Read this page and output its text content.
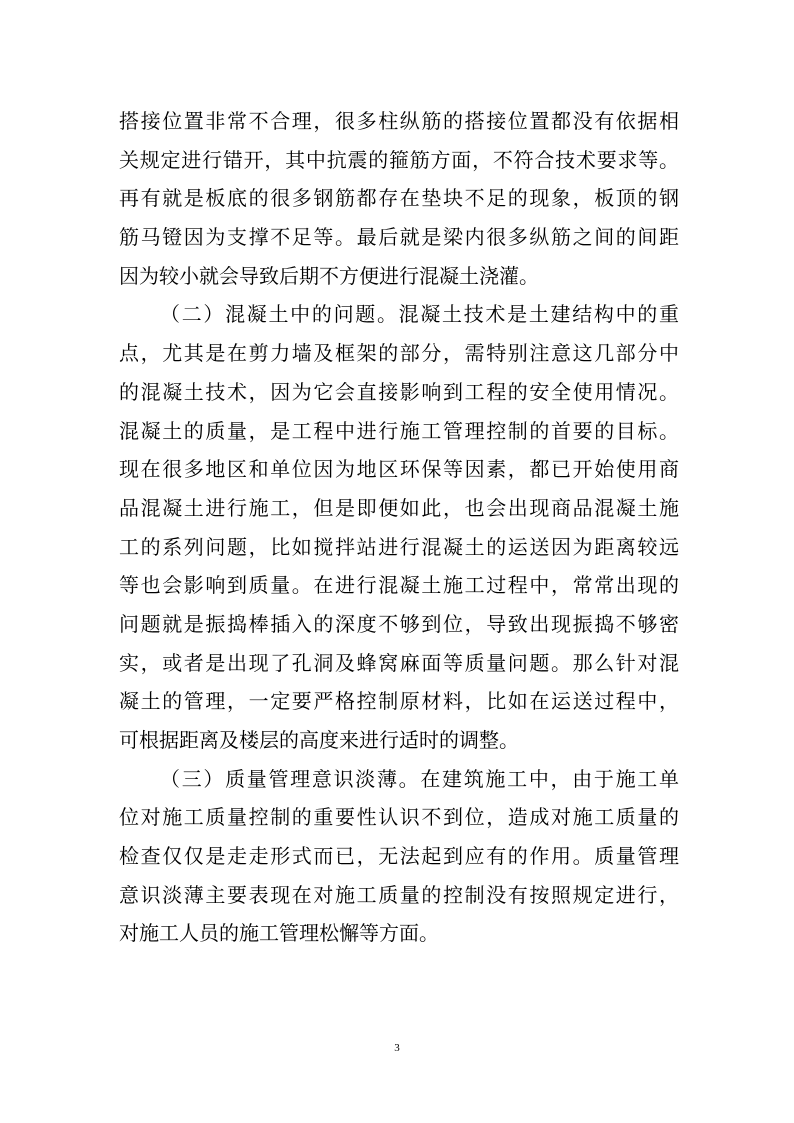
搭接位置非常不合理，很多柱纵筋的搭接位置都没有依据相
关规定进行错开，其中抗震的箍筋方面，不符合技术要求等。
再有就是板底的很多钢筋都存在垫块不足的现象，板顶的钢
筋马镫因为支撑不足等。最后就是梁内很多纵筋之间的间距
因为较小就会导致后期不方便进行混凝土浇灌。
（二）混凝土中的问题。混凝土技术是土建结构中的重
点，尤其是在剪力墙及框架的部分，需特别注意这几部分中
的混凝土技术，因为它会直接影响到工程的安全使用情况。
混凝土的质量，是工程中进行施工管理控制的首要的目标。
现在很多地区和单位因为地区环保等因素，都已开始使用商
品混凝土进行施工，但是即便如此，也会出现商品混凝土施
工的系列问题，比如搅拌站进行混凝土的运送因为距离较远
等也会影响到质量。在进行混凝土施工过程中，常常出现的
问题就是振捣棒插入的深度不够到位，导致出现振捣不够密
实，或者是出现了孔洞及蜂窝麻面等质量问题。那么针对混
凝土的管理，一定要严格控制原材料，比如在运送过程中，
可根据距离及楼层的高度来进行适时的调整。
（三）质量管理意识淡薄。在建筑施工中，由于施工单
位对施工质量控制的重要性认识不到位，造成对施工质量的
检查仅仅是走走形式而已，无法起到应有的作用。质量管理
意识淡薄主要表现在对施工质量的控制没有按照规定进行，
对施工人员的施工管理松懈等方面。
3
